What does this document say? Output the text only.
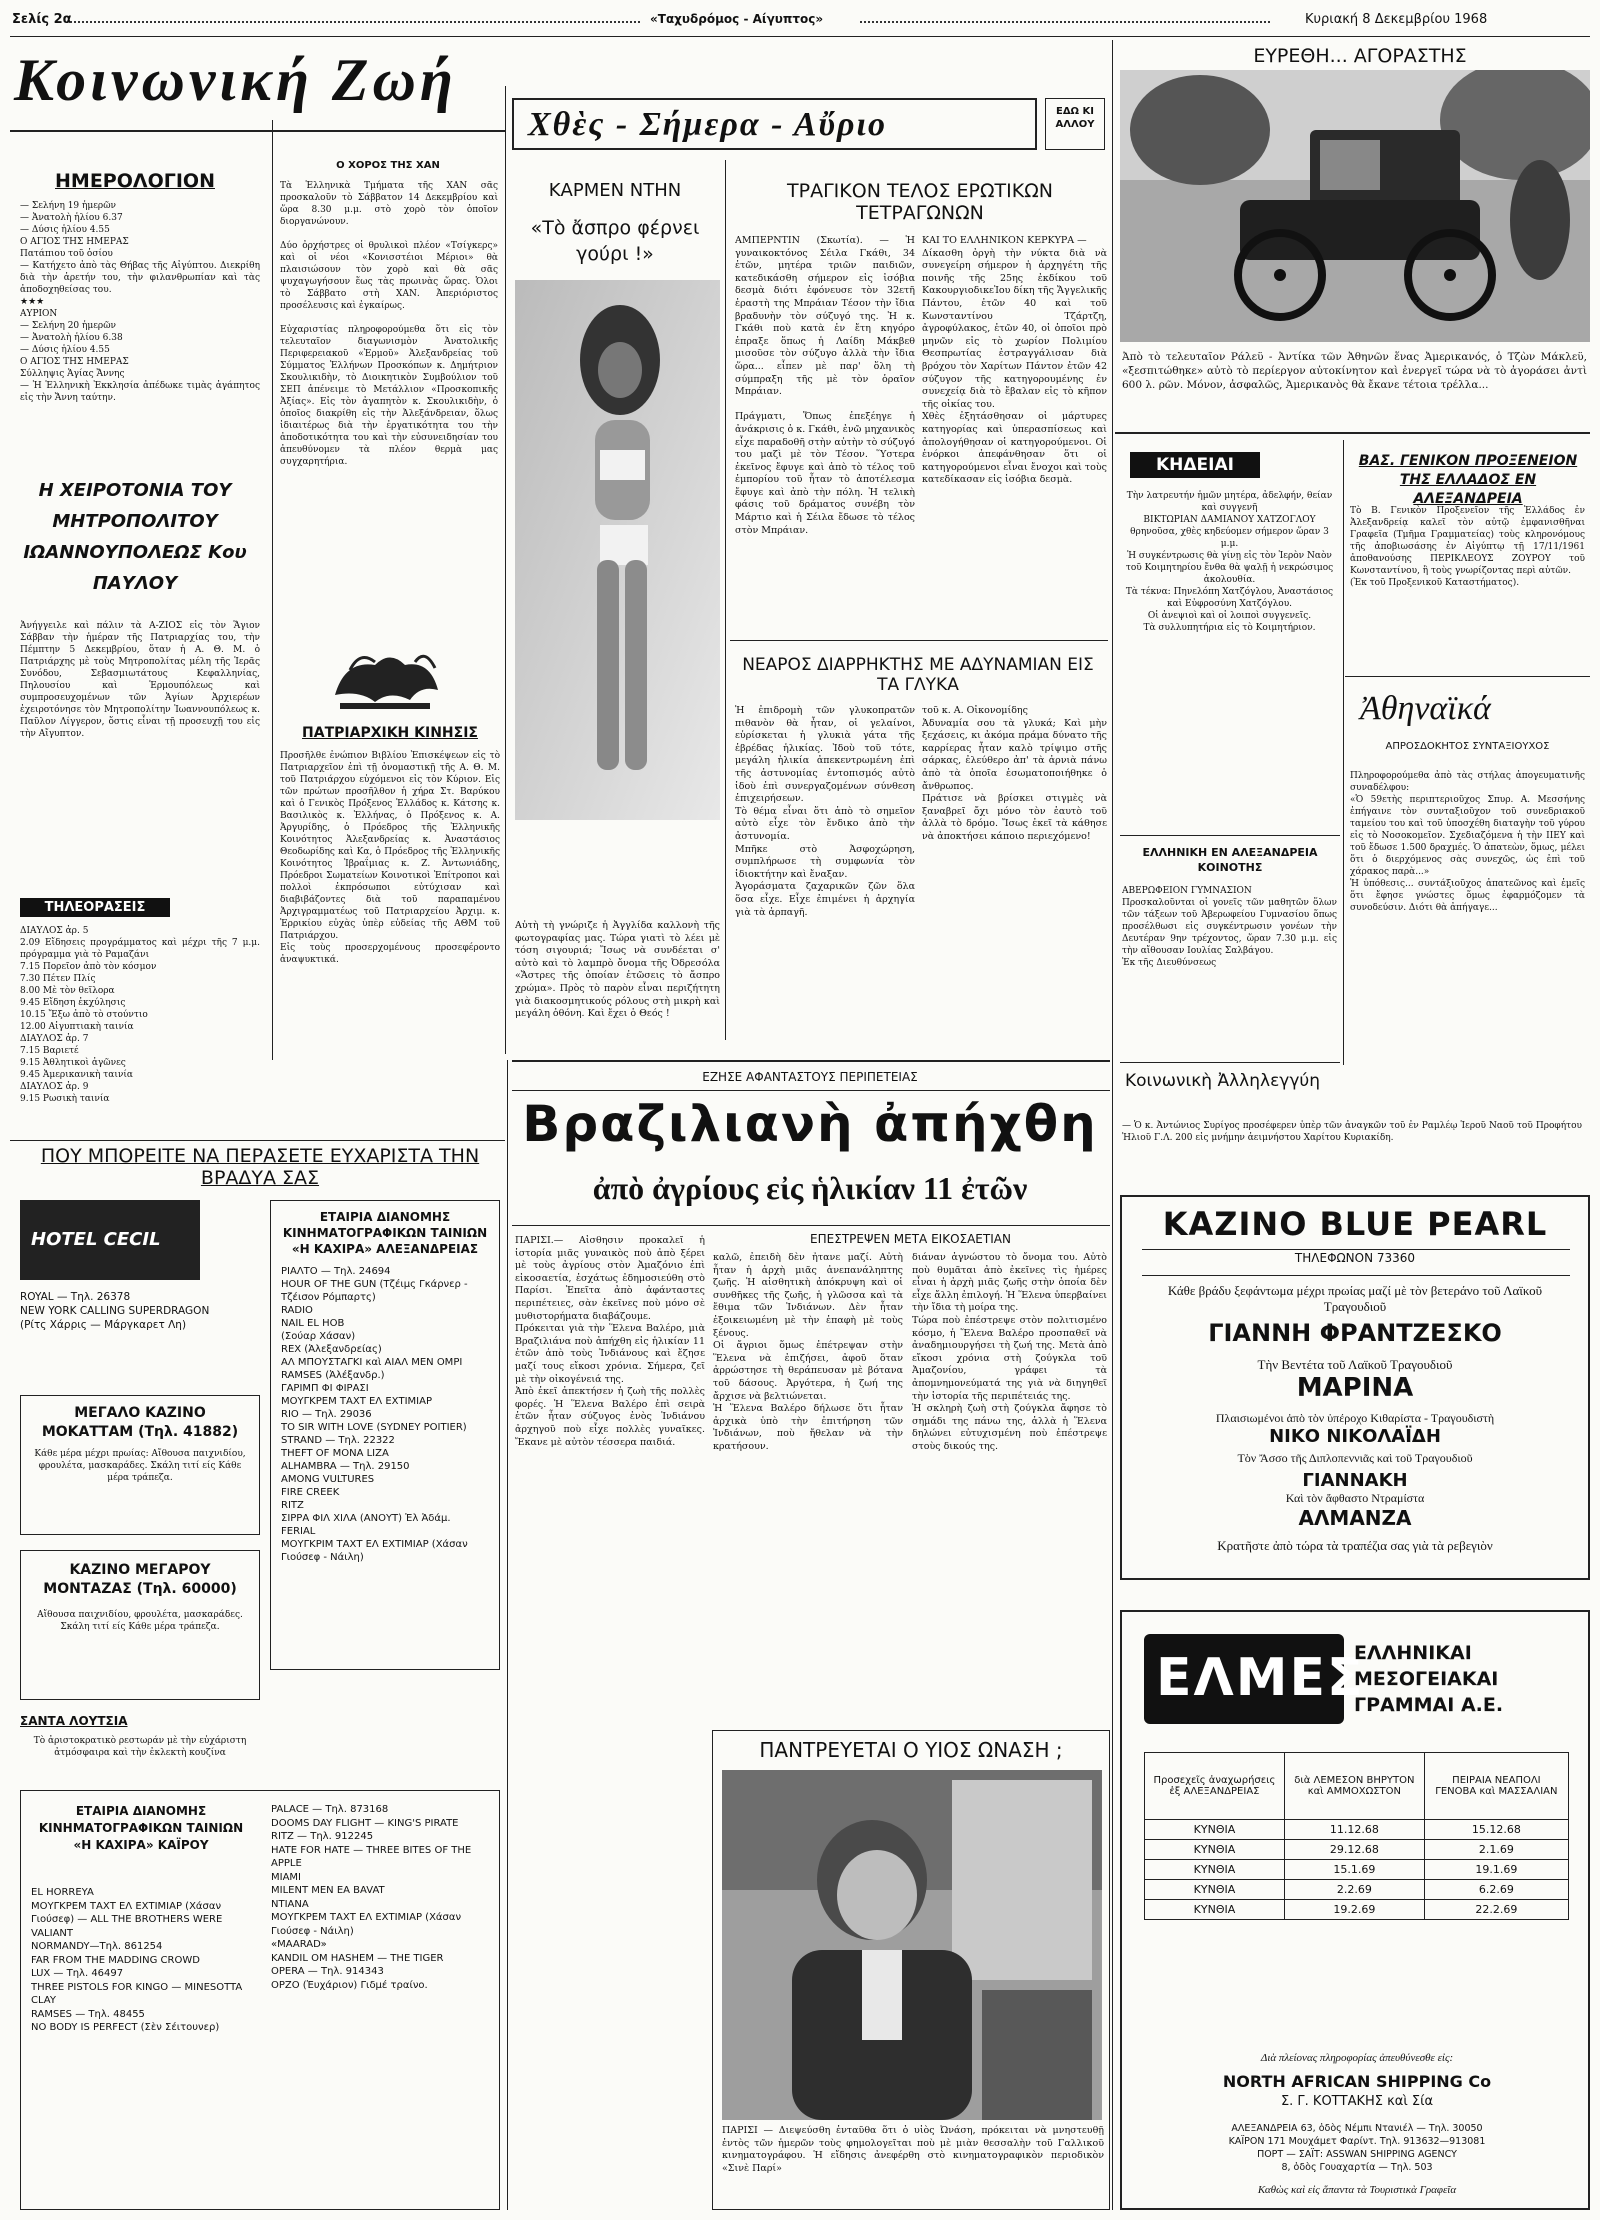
Σελίς 2α	«Ταχυδρόμος - Αίγυπτος»	Κυριακή 8 Δεκεμβρίου 1968
Κοινωνική Ζωή
ΗΜΕΡΟΛΟΓΙΟΝ
— Σελήνη 19 ἡμερῶν
— Ἀνατολὴ ἡλίου 6.37
— Δύσις ἡλίου 4.55
Ο ΑΓΙΟΣ ΤΗΣ ΗΜΕΡΑΣ
Πατάπιου τοῦ ὁσίου
— Κατήχετο ἀπὸ τὰς Θήβας τῆς Αἰγύπτου. Διεκρίθη διὰ τὴν ἀρετήν του, τὴν φιλανθρωπίαν καὶ τὰς ἀποδοχηθείσας του.
★★★
ΑΥΡΙΟΝ
— Σελήνη 20 ἡμερῶν
— Ἀνατολὴ ἡλίου 6.38
— Δύσις ἡλίου 4.55
Ο ΑΓΙΟΣ ΤΗΣ ΗΜΕΡΑΣ
Σύλληψις Ἁγίας Ἄννης
— Ἡ Ἑλληνικὴ Ἐκκλησία ἀπέδωκε τιμὰς ἀγάπητος εἰς τὴν Ἄννη ταύτην.
Η ΧΕΙΡΟΤΟΝΙΑ ΤΟΥ ΜΗΤΡΟΠΟΛΙΤΟΥ ΙΩΑΝΝΟΥΠΟΛΕΩΣ Κου ΠΑΥΛΟΥ
Ἀνήγγειλε καὶ πάλιν τὰ Α-ΖΙΟΣ εἰς τὸν Ἅγιον Σάββαν τὴν ἡμέραν τῆς Πατριαρχίας του, τὴν Πέμπτην 5 Δεκεμβρίου, ὅταν ἡ Α. Θ. Μ. ὁ Πατριάρχης μὲ τοὺς Μητροπολίτας μέλη τῆς Ἱερᾶς Συνόδου, Σεβασμιωτάτους Κεφαλληνίας, Πηλουσίου καὶ Ἑρμουπόλεως καὶ συμπροσευχομένων τῶν Ἁγίων Ἀρχιερέων ἐχειροτόνησε τὸν Μητροπολίτην Ἰωαννουπόλεως κ. Παῦλον Λίγγερον, ὅστις εἶναι τῇ προσευχῇ του εἰς τὴν Αἴγυπτον.
ΤΗΛΕΟΡΑΣΕΙΣ
ΔΙΑΥΛΟΣ ἀρ. 5
2.09 Εἴδησεις προγράμματος καὶ μέχρι τῆς 7 μ.μ. πρόγραμμα γιὰ τὸ Ραμαζάνι
7.15 Πορεῖον ἀπὸ τὸν κόσμον
7.30 Πέτεν Πλίς
8.00 Μὲ τὸν θεῖλορα
9.45 Εἴδηση ἐκχύλησις
10.15 Ἔξω ἀπὸ τὸ στούντιο
12.00 Αἰγυπτιακὴ ταινία
ΔΙΑΥΛΟΣ ἀρ. 7
7.15 Βαριετέ
9.15 Ἀθλητικοὶ ἀγῶνες
9.45 Ἀμερικανικὴ ταινία
ΔΙΑΥΛΟΣ ἀρ. 9
9.15 Ρωσικὴ ταινία
Ο ΧΟΡΟΣ ΤΗΣ ΧΑΝ
Τὰ Ἑλληνικὰ Τμήματα τῆς ΧΑΝ σᾶς προσκαλοῦν τὸ Σάββατον 14 Δεκεμβρίου καὶ ὥρα 8.30 μ.μ. στὸ χορὸ τὸν ὁποῖον διοργανώνουν.

Δύο ὀρχήστρες οἱ θρυλικοὶ πλέον «Τσίγκερς» καὶ οἱ νέοι «Κονισστέιοι Μέριοι» θὰ πλαισιώσουν τὸν χορὸ καὶ θὰ σᾶς ψυχαγωγήσουν ἕως τὰς πρωινὰς ὥρας. Ὁλοι τὸ Σάββατο στὴ ΧΑΝ. Ἀπεριόριστος προσέλευσις καὶ ἐγκαίρως.

Εὐχαριστίας πληροφορούμεθα ὅτι εἰς τὸν τελευταῖον διαγωνισμὸν Ἀνατολικῆς Περιφερειακοῦ «Ἐρμοῦ» Ἀλεξανδρείας τοῦ Σύμματος Ἑλλήνων Προσκόπων κ. Δημήτριον Σκουλικιδὴν, τὸ Διοικητικὸν Συμβούλιον τοῦ ΣΕΠ ἀπένειμε τὸ Μετάλλιον «Προσκοπικῆς Ἀξίας». Εἰς τὸν ἀγαπητὸν κ. Σκουλικιδὴν, ὁ ὁποῖος διακρίθη εἰς τὴν Ἀλεξάνδρειαν, ὅλως ἰδιαιτέρως διὰ τὴν ἐργατικότητα του τὴν ἀποδοτικότητα του καὶ τὴν εὐσυνειδησίαν του ἀπευθύνομεν τὰ πλέον θερμὰ μας συγχαρητήρια.
ΠΑΤΡΙΑΡΧΙΚΗ ΚΙΝΗΣΙΣ
Προσῆλθε ἐνώπιον Βιβλίου Ἐπισκέψεων εἰς τὸ Πατριαρχεῖον ἐπὶ τῇ ὀνομαστικῇ τῆς Α. Θ. Μ. τοῦ Πατριάρχου εὐχόμενοι εἰς τὸν Κύριον. Εἰς τῶν πρώτων προσῆλθον ἡ χήρα Στ. Βαρύκου καὶ ὁ Γενικὸς Πρόξενος Ἑλλάδος κ. Κάτσης κ. Βασιλικὸς κ. Ἑλλήνας, ὁ Πρόξενος κ. Α. Ἀργυρίδης, ὁ Πρόεδρος τῆς Ἑλληνικῆς Κοινότητος Ἀλεξανδρείας κ. Ἀναστάσιος Θεοδωρίδης καὶ Κα, ὁ Πρόεδρος τῆς Ἑλληνικῆς Κοινότητος Ἰβραΐμιας κ. Ζ. Ἀντωνιάδης, Πρόεδροι Σωματείων Κοινοτικοὶ Ἐπίτροποι καὶ πολλοὶ ἐκπρόσωποι εὐτύχισαν καὶ διαβιβάζοντες διὰ τοῦ παραπαμένου Ἀρχιγραμματέως τοῦ Πατριαρχείου Ἀρχιμ. κ. Ἐρρικίου εὐχὰς ὑπὲρ εὐδείας τῆς ΑΘΜ τοῦ Πατριάρχου.
Εἰς τοὺς προσερχομένους προσεφέροντο ἀναψυκτικά.
Χθὲς - Σήμερα - Αὔριο	ΕΔΩ ΚΙ ΑΛΛΟΥ
ΚΑΡΜΕΝ ΝΤΗΝ
«Τὸ ἄσπρο φέρνει γούρι !»
Αὐτὴ τὴ γνώριζε ἡ Ἀγγλίδα καλλονὴ τῆς φωτογραφίας μας. Τώρα γιατὶ τὸ λέει μὲ τόση σιγουριά; Ἴσως νὰ συνδέεται σ' αὐτὸ καὶ τὸ λαμπρὸ ὄνομα τῆς Ὀδρεσόλα «Ἄστρες τῆς ὀποίαν ἐτῶσεις τὸ ἄσπρο χρώμα». Πρὸς τὸ παρὸν εἶναι περιζήτητη γιὰ διακοσμητικούς ρόλους στὴ μικρὴ καὶ μεγάλη ὀθόνη. Καὶ ἔχει ὁ Θεός !
ΤΡΑΓΙΚΟΝ ΤΕΛΟΣ ΕΡΩΤΙΚΩΝ ΤΕΤΡΑΓΩΝΩΝ
ΑΜΠΕΡΝΤΙΝ (Σκωτία). — Ἡ γυναικοκτόνος Σέιλα Γκάθι, 34 ἐτῶν, μητέρα τριῶν παιδιῶν, κατεδικάσθη σήμερον εἰς ἰσόβια δεσμὰ διότι ἐφόνευσε τὸν 32ετῆ ἐραστὴ της Μπράιαν Τέσον τὴν ἴδια βραδυνὴν τὸν σύζυγό της. Ἡ κ. Γκάθι ποὺ κατὰ ἐν ἔτη κηγόρο ἐπραξε ὅπως ἡ Λαίδη Μάκβεθ μισοῦσε τὸν σύζυγο ἀλλὰ τὴν ἴδια ὥρα... εἶπεν μὲ παρ' ὅλη τὴ σύμπραξη τῆς μὲ τὸν ὁραῖον Μπράιαν.

Πράγματι, Ὅπως ἐπεξέηγε ἡ ἀνάκρισις ὁ κ. Γκάθι, ἐνῶ μηχανικὸς εἶχε παραδοθῆ στὴν αὐτὴν τὸ σύζυγό του μαζὶ μὲ τὸν Τέσον. Ὕστερα ἐκεῖνος ἔφυγε καὶ ἀπὸ τὸ τέλος τοῦ ἐμπορίου τοῦ ἦταν τὸ ἀποτέλεσμα ἔφυγε καὶ ἀπὸ τὴν πόλη. Ἡ τελικὴ φάσις τοῦ δράματος συνέβη τὸν Μάρτιο καὶ ἡ Σέιλα ἔδωσε τὸ τέλος στὸν Μπράιαν.
ΚΑΙ ΤΟ ΕΛΛΗΝΙΚΟΝ ΚΕΡΚΥΡΑ —
Δίκασθη ὀργὴ τὴν νύκτα διὰ νὰ συνεγείρη σήμερον ἡ ἀρχηγέτη τῆς ποινῆς τῆς 25ης ἐκδίκου τοῦ ΚακουργιοδικεἸου δίκη τῆς Ἄγγελικῆς Πάντου, ἐτῶν 40 καὶ τοῦ Κωνσταντίνου Τζάρτζη, ἀγροφύλακος, ἐτῶν 40, οἱ ὁποῖοι πρὸ μηνῶν εἰς τὸ χωρίον Πολιμίου Θεσπρωτίας ἐστραγγάλισαν διὰ βρόχου τὸν Χαρίτων Πάντον ἐτῶν 42 σύζυγον τῆς κατηγορουμένης ἐν συνεχείᾳ διὰ τὸ ἔβαλαν εἰς τὸ κῆπον τῆς οἰκίας του.
Χθὲς ἐξητάσθησαν οἱ μάρτυρες κατηγορίας καὶ ὑπερασπίσεως καὶ ἀπολογήθησαν οἱ κατηγορούμενοι. Οἱ ἐνόρκοι ἀπεφάνθησαν ὅτι οἱ κατηγορούμενοι εἶναι ἔνοχοι καὶ τοὺς κατεδίκασαν εἰς ἰσόβια δεσμὰ.
ΝΕΑΡΟΣ ΔΙΑΡΡΗΚΤΗΣ ΜΕ ΑΔΥΝΑΜΙΑΝ ΕΙΣ ΤΑ ΓΛΥΚΑ
Ἡ ἐπιδρομὴ τῶν γλυκοπρατῶν πιθανὸν θὰ ἦταν, οἱ γελαίνοι, εὑρίσκεται ἡ γλυκιὰ γάτα τῆς ἐβρέδας ἡλικίας. Ἰδοὺ τοῦ τότε, μεγάλη ἡλικία ἀπεκεντρωμένη ἐπὶ τῆς ἀστυνομίας ἐντοπισμός αὐτὸ ἰδοὺ ἐπὶ συνεργαζομένων σύνθεση ἐπιχειρήσεων.
Τὸ θέμα εἶναι ὅτι ἀπὸ τὸ σημεῖον αὐτὸ εἶχε τὸν ἔνδικο ἀπὸ τὴν ἀστυνομία.
Μπῆκε στὸ Ἀσφοχώρηση, συμπλήρωσε τὴ συμφωνία τὸν ἰδιοκτήτην καὶ ἔναξαν.
Ἀγοράσματα ζαχαρικῶν ζῶν ὅλα ὅσα εἶχε. Εἶχε ἐπιμένει ἡ ἀρχηγία γιὰ τὰ ἀρπαγῆ.
τοῦ κ. Α. Οἰκονομίδης
Ἀδυναμία σου τὰ γλυκά; Καὶ μὴν ξεχάσεις, κι ἀκόμα πράμα δύνατο τῆς καρρίερας ἦταν καλὸ τρίψιμο στῆς σάρκας, ἐλεύθερο ἀπ' τὰ ἀρνιὰ πάνω ἀπὸ τὰ ὁποῖα ἐσωματοποιήθηκε ὁ ἄνθρωπος.
Πράτισε νὰ βρίσκει στιγμὲς νὰ ξαναβρεῖ ὄχι μόνο τὸν ἑαυτὸ τοῦ ἀλλὰ τὸ δρόμο. Ἴσως ἐκεῖ τὰ κάθησε νὰ ἀποκτήσει κάποιο περιεχόμενο!
ΕΥΡΕΘΗ... ΑΓΟΡΑΣΤΗΣ
Ἀπὸ τὸ τελευταῖον Ράλεϋ - Ἀντίκα τῶν Ἀθηνῶν ἕνας Ἀμερικανός, ὁ Τζὼν Μάκλεϋ, «ξεσπιτώθηκε» αὐτὸ τὸ περίεργον αὐτοκίνητον καὶ ἐνεργεῖ τώρα νὰ τὸ ἀγοράσει ἀντὶ 600 λ. ρῶν. Μόνον, ἀσφαλῶς, Ἀμερικανὸς θὰ ἔκανε τέτοια τρέλλα...
ΚΗΔΕΙΑΙ
Τὴν λατρευτήν ἡμῶν μητέρα, ἀδελφήν, θείαν καὶ συγγενῆ
ΒΙΚΤΩΡΙΑΝ ΔΑΜΙΑΝΟΥ ΧΑΤΖΟΓΛΟΥ
θρηνοῦσα, χθὲς κηδεύομεν σήμερον ὥραν 3 μ.μ.
Ἡ συγκέντρωσις θὰ γίνῃ εἰς τὸν Ἱερὸν Ναὸν τοῦ Κοιμητηρίου ἔνθα θὰ ψαλῇ ἡ νεκρώσιμος ἀκολουθία.
Τὰ τέκνα: Πηνελόπη Χατζόγλου, Ἀναστάσιος καὶ Εὐφροσύνη Χατζόγλου.
Οἱ ἀνεψιοὶ καὶ οἱ λοιποὶ συγγενεῖς.
Τὰ συλλυπητήρια εἰς τὸ Κοιμητήριον.
ΕΛΛΗΝΙΚΗ ΕΝ ΑΛΕΞΑΝΔΡΕΙΑ ΚΟΙΝΟΤΗΣ
ΑΒΕΡΩΦΕΙΟΝ ΓΥΜΝΑΣΙΟΝ
Προσκαλοῦνται οἱ γονεῖς τῶν μαθητῶν ὅλων τῶν τάξεων τοῦ Ἀβερωφείου Γυμνασίου ὅπως προσέλθωσι εἰς συγκέντρωσιν γονέων τὴν Δευτέραν 9ην τρέχοντος, ὥραν 7.30 μ.μ. εἰς τὴν αἴθουσαν Ιουλίας Σαλβάγου.
Ἐκ τῆς Διευθύνσεως
ΒΑΣ. ΓΕΝΙΚΟΝ ΠΡΟΞΕΝΕΙΟΝ ΤΗΣ ΕΛΛΑΔΟΣ ΕΝ ΑΛΕΞΑΝΔΡΕΙΑ
Τὸ Β. Γενικὸν Προξενεῖον τῆς Ἑλλάδος ἐν Ἀλεξανδρείᾳ καλεῖ τὸν αὐτῷ ἐμφανισθῆναι Γραφεῖα (Τμῆμα Γραμματείας) τοὺς κληρονόμους τῆς ἀποβιωσάσης ἐν Αἰγύπτῳ τῇ 17/11/1961 ἀποθανούσης ΠΕΡΙΚΛΕΟΥΣ ΖΟΥΡΟΥ τοῦ Κωνσταντίνου, ἢ τοὺς γνωρίζοντας περὶ αὐτῶν.
(Ἐκ τοῦ Προξενικοῦ Καταστήματος).
Ἀθηναϊκά
ΑΠΡΟΣΔΟΚΗΤΟΣ ΣΥΝΤΑΞΙΟΥΧΟΣ
Πληροφορούμεθα ἀπὸ τὰς στήλας ἀπογευματινῆς συναδέλφου:
«Ὁ 59ετὴς περιπτεριοῦχος Σπυρ. Α. Μεσσήνης ἐπήγαινε τὸν συνταξιοῦχον τοῦ συνεδριακοῦ ταμείου του καὶ τοῦ ὑποσχέθη διαταγὴν τοῦ γύρου εἰς τὸ Νοσοκομεῖον. Σχεδιαζόμενα ἡ τὴν ΙΙΕΥ καὶ τοῦ ἔδωσε 1.500 δραχμές. Ὁ ἀπατεὼν, ὅμως, μέλει ὅτι ὁ διερχόμενος σὰς συνεχῶς, ὡς ἐπὶ τοῦ χάρακος παρὰ...»
Ἡ ὑπόθεσις... συντάξιοῦχος ἀπατεῶνος καὶ ἐμεῖς ὅτι ἔφησε γνώστες ὅμως ἐφαρμόζομεν τὰ συνοδεύσιν. Διότι θὰ ἀπήγαγε...
Κοινωνικὴ Ἀλληλεγγύη
— Ὁ κ. Ἀντώνιος Συρίγος προσέφερεν ὑπὲρ τῶν ἀναγκῶν τοῦ ἐν Ραμλέῳ Ἱεροῦ Ναοῦ τοῦ Προφήτου Ἠλιοῦ Γ.Λ. 200 εἰς μνήμην ἀειμνήστου Χαρίτου Κυριακίδη.
ΠΟΥ ΜΠΟΡΕΙΤΕ ΝΑ ΠΕΡΑΣΕΤΕ ΕΥΧΑΡΙΣΤΑ ΤΗΝ ΒΡΑΔΥΑ ΣΑΣ
HOTEL CECIL
ROYAL — Τηλ. 26378
NEW YORK CALLING SUPERDRAGON
(Ρίτς Χάρρις — Μάργκαρετ Λη)
ΜΕΓΑΛΟ ΚΑΖΙΝΟ ΜΟΚΑΤΤΑΜ (Τηλ. 41882)
Κάθε μέρα μέχρι πρωίας: Αἴθουσα παιχνιδίου, φρουλέτα, μασκαράδες. Σκάλη τιτί είς Κάθε μέρα τράπεζα.
ΚΑΖΙΝΟ ΜΕΓΑΡΟΥ ΜΟΝΤΑΖΑΣ (Τηλ. 60000)
Αἴθουσα παιχνιδίου, φρουλέτα, μασκαράδες. Σκάλη τιτί είς Κάθε μέρα τράπεζα.
ΕΤΑΙΡΙΑ ΔΙΑΝΟΜΗΣ ΚΙΝΗΜΑΤΟΓΡΑΦΙΚΩΝ ΤΑΙΝΙΩΝ «Η ΚΑΧΙΡΑ» ΑΛΕΞΑΝΔΡΕΙΑΣ
ΡΙΑΛΤΟ — Τηλ. 24694
HOUR OF THE GUN (Τζέιμς Γκάρνερ - Τζέισον Ρόμπαρτς)
RADIO
NAIL EL HOB
(Σούαρ Χάσαν)
REX (Ἀλεξανδρείας)
ΑΛ ΜΠΟΥΣΤΑΓΚΙ καὶ ΑΙΑΛ ΜΕΝ ΟΜΡΙ
RAMSES (Ἀλέξανδρ.)
ΓΑΡΙΜΠ ΦΙ ΦΙΡΑΣΙ
ΜΟΥΓΚΡΕΜ ΤΑΧΤ ΕΛ ΕΧΤΙΜΙΑΡ
RIO — Τηλ. 29036
TO SIR WITH LOVE (SYDNEY POITIER)
STRAND — Τηλ. 22322
THEFT OF MONA LIZA
ALHAMBRA — Τηλ. 29150
AMONG VULTURES
FIRE CREEK
RITZ
ΣΙΡΡΑ ΦΙΛ ΧΙΛΑ (ΑΝΟΥΤ) Ἐλ Ἀδάμ.
FERIAL
ΜΟΥΓΚΡΙΜ ΤΑΧΤ ΕΛ ΕΧΤΙΜΙΑΡ (Χάσαν Γιούσεφ - Νάιλη)
ΣΑΝΤΑ ΛΟΥΤΣΙΑ
Τὸ ἀριστοκρατικὸ ρεστωράν μὲ τὴν εὐχάριστη ἀτμόσφαιρα καὶ τὴν ἐκλεκτὴ κουζίνα
ΕΤΑΙΡΙΑ ΔΙΑΝΟΜΗΣ ΚΙΝΗΜΑΤΟΓΡΑΦΙΚΩΝ ΤΑΙΝΙΩΝ «Η ΚΑΧΙΡΑ» ΚΑΪΡΟΥ
EL HORREYA
ΜΟΥΓΚΡΕΜ ΤΑΧΤ ΕΛ ΕΧΤΙΜΙΑΡ (Χάσαν Γιούσεφ) — ALL THE BROTHERS WERE VALIANT
NORMANDY—Τηλ. 861254
FAR FROM THE MADDING CROWD
LUX — Τηλ. 46497
THREE PISTOLS FOR KINGO — MINESOTTA CLAY
RAMSES — Τηλ. 48455
NO BODY IS PERFECT (Σὲν Σέιτουνερ)
PALACE — Τηλ. 873168
DOOMS DAY FLIGHT — KING'S PIRATE
RITZ — Τηλ. 912245
HATE FOR HATE — THREE BITES OF THE APPLE
MIAMI
MILENT MEN EA BAVAT
NTIANA
ΜΟΥΓΚΡΕΜ ΤΑΧΤ ΕΛ ΕΧΤΙΜΙΑΡ (Χάσαν Γιούσεφ - Νάιλη)
«MAARAD»
KANDIL OM HASHEM — THE TIGER
OPERA — Τηλ. 914343
ΟΡΖΟ (Ἐυχάριον) Γιδμέ τραίνο.
ΕΖΗΣΕ ΑΦΑΝΤΑΣΤΟΥΣ ΠΕΡΙΠΕΤΕΙΑΣ
Βραζιλιανὴ ἀπήχθη
ἀπὸ ἀγρίους εἰς ἡλικίαν 11 ἐτῶν
ΠΑΡΙΣΙ.— Αἰσθησιν προκαλεῖ ἡ ἱστορία μιᾶς γυναικὸς ποὺ ἀπὸ ξέρει μὲ τοὺς ἀγρίους στὸν Ἀμαζόνιο ἐπὶ εἰκοσαετία, ἐσχάτως ἐδημοσιεύθη στὸ Παρίσι. Ἐπεῖτα ἀπὸ ἀφάνταστες περιπέτειες, σὰν ἐκεῖνες ποὺ μόνο σὲ μυθιστορήματα διαβάζουμε.
Πρόκειται γιὰ τὴν Ἕλενα Βαλέρο, μιὰ Βραζιλιάνα ποὺ ἀπήχθη εἰς ἡλικίαν 11 ἐτῶν ἀπὸ τοὺς Ἰνδιάνους καὶ ἔζησε μαζί τους εἴκοσι χρόνια. Σήμερα, ζεῖ μὲ τὴν οἰκογένειά της.
Ἀπὸ ἐκεῖ ἀπεκτήσεν ἡ ζωὴ τῆς πολλὲς φορές. Ἡ Ἕλενα Βαλέρο ἐπὶ σειρὰ ἐτῶν ἦταν σύζυγος ἑνὸς Ἰνδιάνου ἀρχηγοῦ ποὺ εἶχε πολλὲς γυναῖκες. Ἔκανε μὲ αὐτὸν τέσσερα παιδιά.
καλῶ, ἐπειδὴ δὲν ἦτανε μαζί. Αὐτὴ ἦταν ἡ ἀρχὴ μιᾶς ἀνεπανάληπτης ζωῆς. Ἡ αἰσθητικὴ ἀπόκρυψη καὶ οἱ συνθῆκες τῆς ζωῆς, ἡ γλῶσσα καὶ τὰ ἔθιμα τῶν Ἰνδιάνων. Δὲν ἦταν ἐξοικειωμένη μὲ τὴν ἐπαφὴ μὲ τοὺς ξένους.
Οἱ ἄγριοι ὅμως ἐπέτρεψαν στὴν Ἕλενα νὰ ἐπιζήσει, ἀφοῦ ὅταν ἀρρώστησε τὴ θεράπευσαν μὲ βότανα τοῦ δάσους. Ἀργότερα, ἡ ζωή της ἄρχισε νὰ βελτιώνεται.
Ἡ Ἕλενα Βαλέρο δήλωσε ὅτι ἦταν ἀρχικὰ ὑπὸ τὴν ἐπιτήρηση τῶν Ἰνδιάνων, ποὺ ἤθελαν νὰ τὴν κρατήσουν.
ΕΠΕΣΤΡΕΨΕΝ ΜΕΤΑ ΕΙΚΟΣΑΕΤΙΑΝ
διάναν ἀγνώστου τὸ ὄνομα του. Αὐτὸ ποὺ θυμᾶται ἀπὸ ἐκεῖνες τὶς ἡμέρες εἶναι ἡ ἀρχὴ μιᾶς ζωῆς στὴν ὁποία δὲν εἶχε ἄλλη ἐπιλογή. Ἡ Ἕλενα ὑπερβαίνει τὴν ἴδια τὴ μοίρα της.
Τώρα ποὺ ἐπέστρεψε στὸν πολιτισμένο κόσμο, ἡ Ἕλενα Βαλέρο προσπαθεῖ νὰ ἀναδημιουργήσει τὴ ζωή της. Μετὰ ἀπὸ εἴκοσι χρόνια στὴ ζούγκλα τοῦ Ἀμαζονίου, γράφει τὰ ἀπομνημονεύματά της γιὰ νὰ διηγηθεῖ τὴν ἱστορία τῆς περιπέτειάς της.
Ἡ σκληρὴ ζωὴ στὴ ζούγκλα ἄφησε τὸ σημάδι της πάνω της, ἀλλὰ ἡ Ἕλενα δηλώνει εὐτυχισμένη ποὺ ἐπέστρεψε στοὺς δικούς της.
ΠΑΝΤΡΕΥΕΤΑΙ Ο ΥΙΟΣ ΩΝΑΣΗ ;
ΠΑΡΙΣΙ — Διεψεύσθη ἐνταῦθα ὅτι ὁ υἱὸς Ὠνάση, πρόκειται νὰ μνηστευθῇ ἐντὸς τῶν ἡμερῶν τοὺς φημολογεῖται ποὺ μὲ μιὰν θεσσαλὴν τοῦ Γαλλικοῦ κινηματογράφου. Ἡ εἴδησις ἀνεφέρθη στὸ κινηματογραφικὸν περιοδικὸν «Σινὲ Παρί»
ΚΑΖΙΝΟ BLUE PEARL
ΤΗΛΕΦΩΝΟΝ 73360
Κάθε βράδυ ξεφάντωμα μέχρι πρωίας μαζί μὲ τὸν βετεράνο τοῦ Λαϊκοῦ Τραγουδιοῦ
ΓΙΑΝΝΗ ΦΡΑΝΤΖΕΣΚΟ
Τὴν Βεντέτα τοῦ Λαϊκοῦ Τραγουδιοῦ
ΜΑΡΙΝΑ
Πλαισιωμένοι ἀπὸ τὸν ὑπέροχο Κιθαρίστα - Τραγουδιστὴ
ΝΙΚΟ ΝΙΚΟΛΑΪΔΗ
Τὸν Ἄσσο τῆς Διπλοπεννιᾶς καὶ τοῦ Τραγουδιοῦ
ΓΙΑΝΝΑΚΗ
Καὶ τὸν ἄφθαστο Ντραμίστα
ΑΛΜΑΝΖΑ
Κρατῆστε ἀπὸ τώρα τὰ τραπέζια σας γιὰ τὰ ρεβεγιὸν
ΕΛΜΕΣ
ΕΛΛΗΝΙΚΑΙ ΜΕΣΟΓΕΙΑΚΑΙ ΓΡΑΜΜΑΙ Α.Ε.
Προσεχεῖς ἀναχωρήσεις ἐξ ΑΛΕΞΑΝΔΡΕΙΑΣ	διὰ ΛΕΜΕΣΟΝ ΒΗΡΥΤΟΝ καὶ ΑΜΜΟΧΩΣΤΟΝ	ΠΕΙΡΑΙΑ ΝΕΑΠΟΛΙ ΓΕΝΟΒΑ καὶ ΜΑΣΣΑΛΙΑΝ
ΚΥΝΘΙΑ	11.12.68	15.12.68
ΚΥΝΘΙΑ	29.12.68	2.1.69
ΚΥΝΘΙΑ	15.1.69	19.1.69
ΚΥΝΘΙΑ	2.2.69	6.2.69
ΚΥΝΘΙΑ	19.2.69	22.2.69
Διὰ πλείονας πληροφορίας ἀπευθύνεσθε εἰς:
NORTH AFRICAN SHIPPING Co
Σ. Γ. ΚΟΤΤΑΚΗΣ καὶ Σία
ΑΛΕΞΑΝΔΡΕΙΑ 63, ὁδὸς Νέμπι Ντανιέλ — Τηλ. 30050
ΚΑΪΡΟΝ 171 Μουχάμετ Φαρίντ. Τηλ. 913632—913081
ΠΟΡΤ — ΣΑΪΤ: ASSWAN SHIPPING AGENCY
8, ὁδὸς Γουαχαρτία — Τηλ. 503
Καθὼς καὶ εἰς ἅπαντα τὰ Τουριστικὰ Γραφεῖα
